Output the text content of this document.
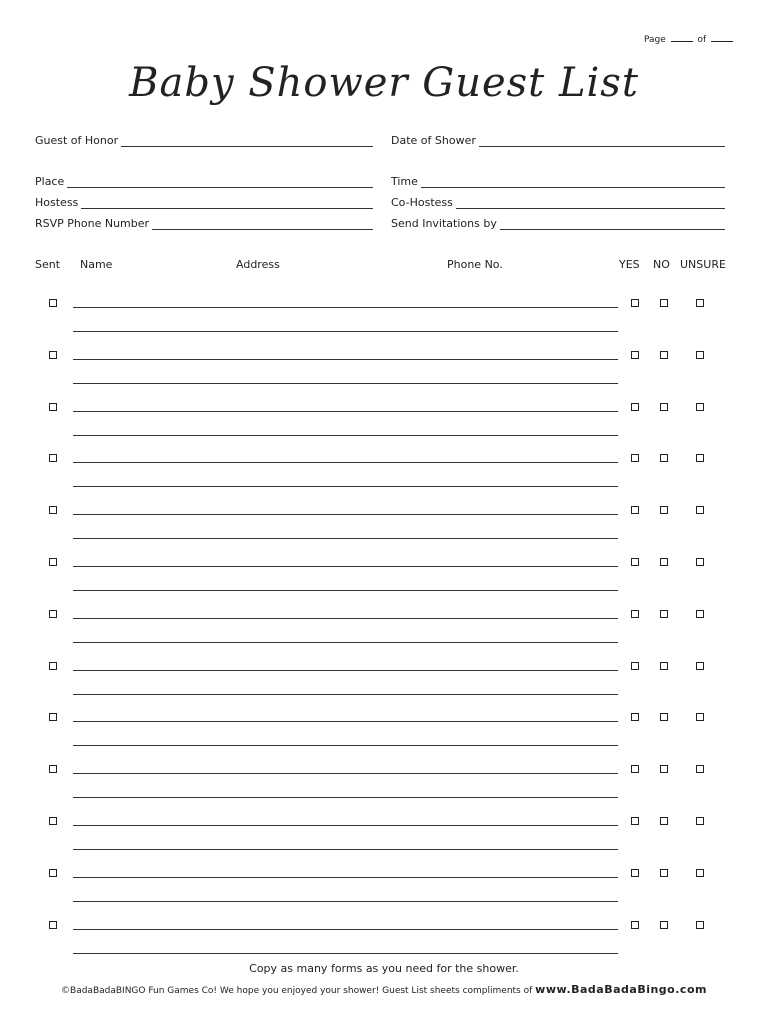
Page	of
Baby Shower Guest List
Guest of Honor	Date of Shower
Place	Time
Hostess	Co-Hostess
RSVP Phone Number	Send Invitations by
Sent Name	Address	Phone No.	YES NO UNSURE
Copy as many forms as you need for the shower.
©BadaBadaBINGO Fun Games Co! We hope you enjoyed your shower! Guest List sheets compliments of www.BadaBadaBingo.com
